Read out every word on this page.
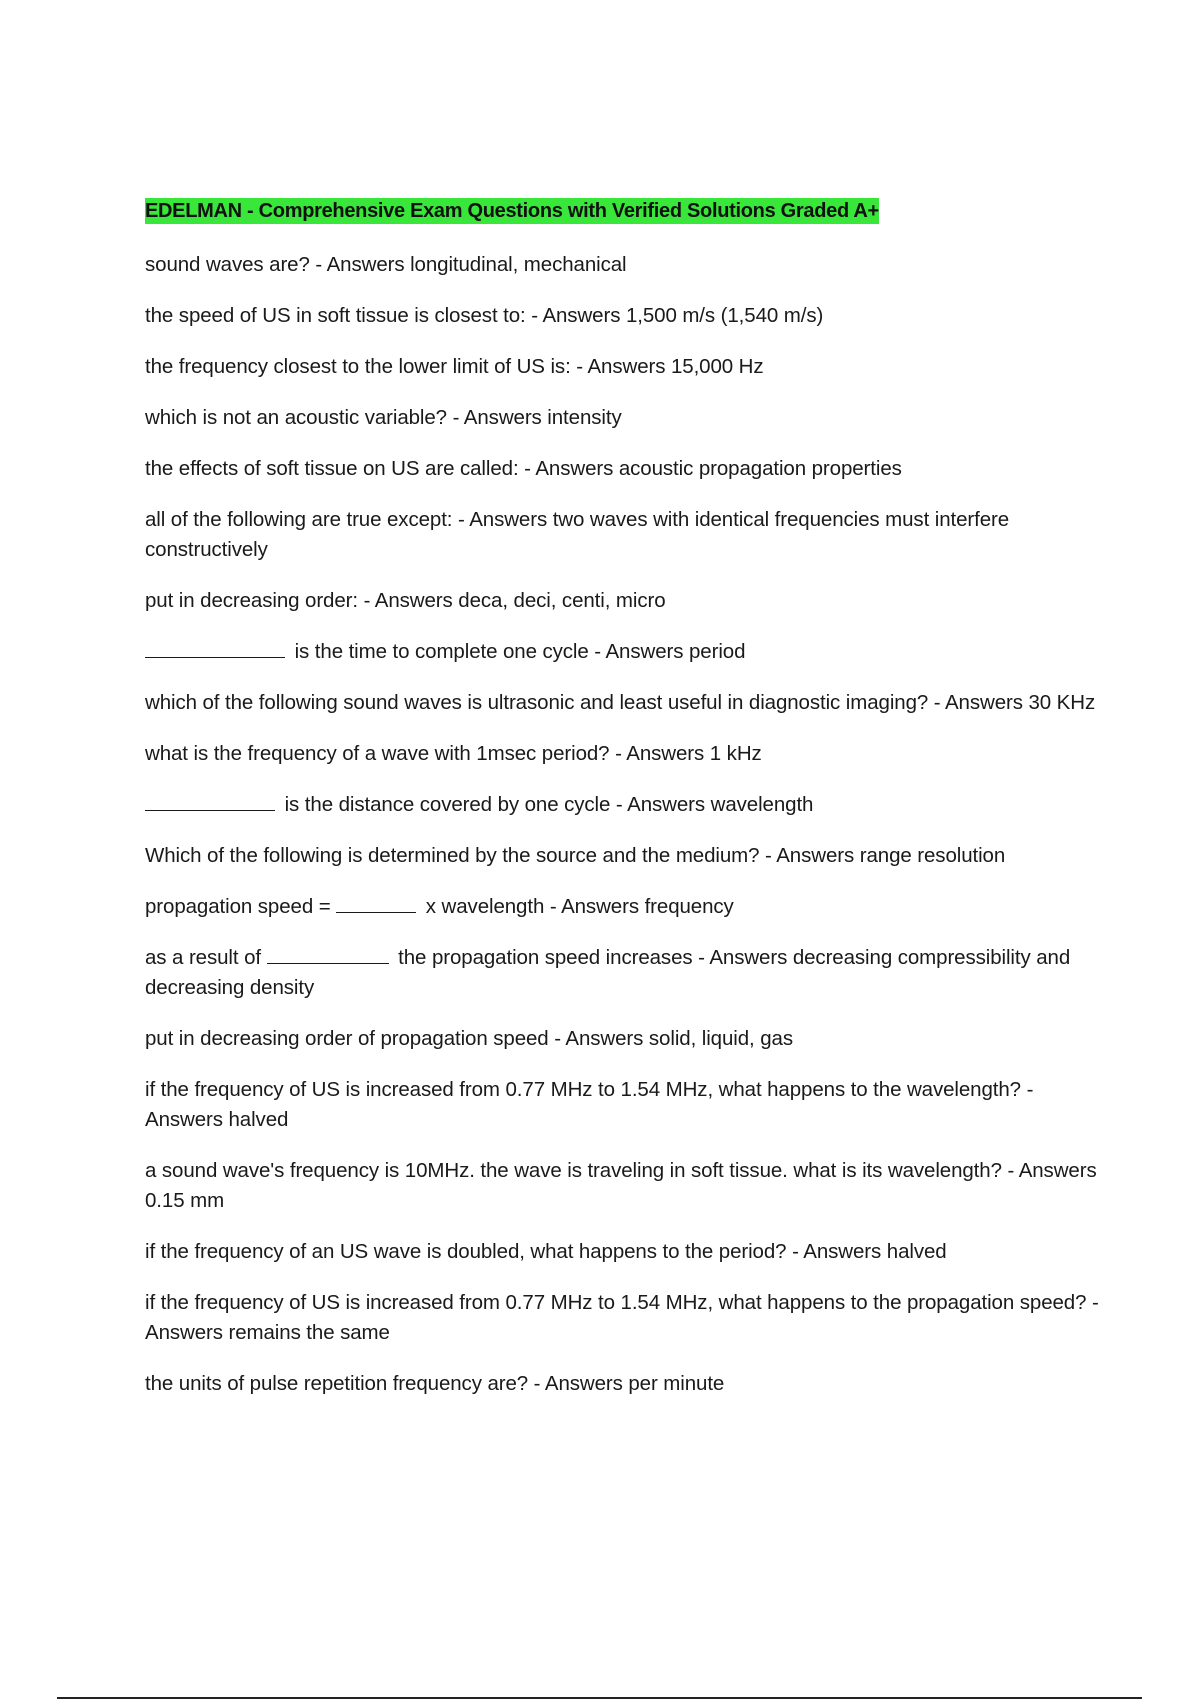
EDELMAN - Comprehensive Exam Questions with Verified Solutions Graded A+

sound waves are? - Answers longitudinal, mechanical

the speed of US in soft tissue is closest to: - Answers 1,500 m/s (1,540 m/s)

the frequency closest to the lower limit of US is: - Answers 15,000 Hz

which is not an acoustic variable? - Answers intensity

the effects of soft tissue on US are called: - Answers acoustic propagation properties

all of the following are true except: - Answers two waves with identical frequencies must interfere constructively

put in decreasing order: - Answers deca, deci, centi, micro

is the time to complete one cycle - Answers period

which of the following sound waves is ultrasonic and least useful in diagnostic imaging? - Answers 30 KHz

what is the frequency of a wave with 1msec period? - Answers 1 kHz

is the distance covered by one cycle - Answers wavelength

Which of the following is determined by the source and the medium? - Answers range resolution

propagation speed =	x wavelength - Answers frequency

as a result of	the propagation speed increases - Answers decreasing compressibility and decreasing density

put in decreasing order of propagation speed - Answers solid, liquid, gas

if the frequency of US is increased from 0.77 MHz to 1.54 MHz, what happens to the wavelength? - Answers halved

a sound wave's frequency is 10MHz. the wave is traveling in soft tissue. what is its wavelength? - Answers 0.15 mm

if the frequency of an US wave is doubled, what happens to the period? - Answers halved

if the frequency of US is increased from 0.77 MHz to 1.54 MHz, what happens to the propagation speed? - Answers remains the same

the units of pulse repetition frequency are? - Answers per minute
